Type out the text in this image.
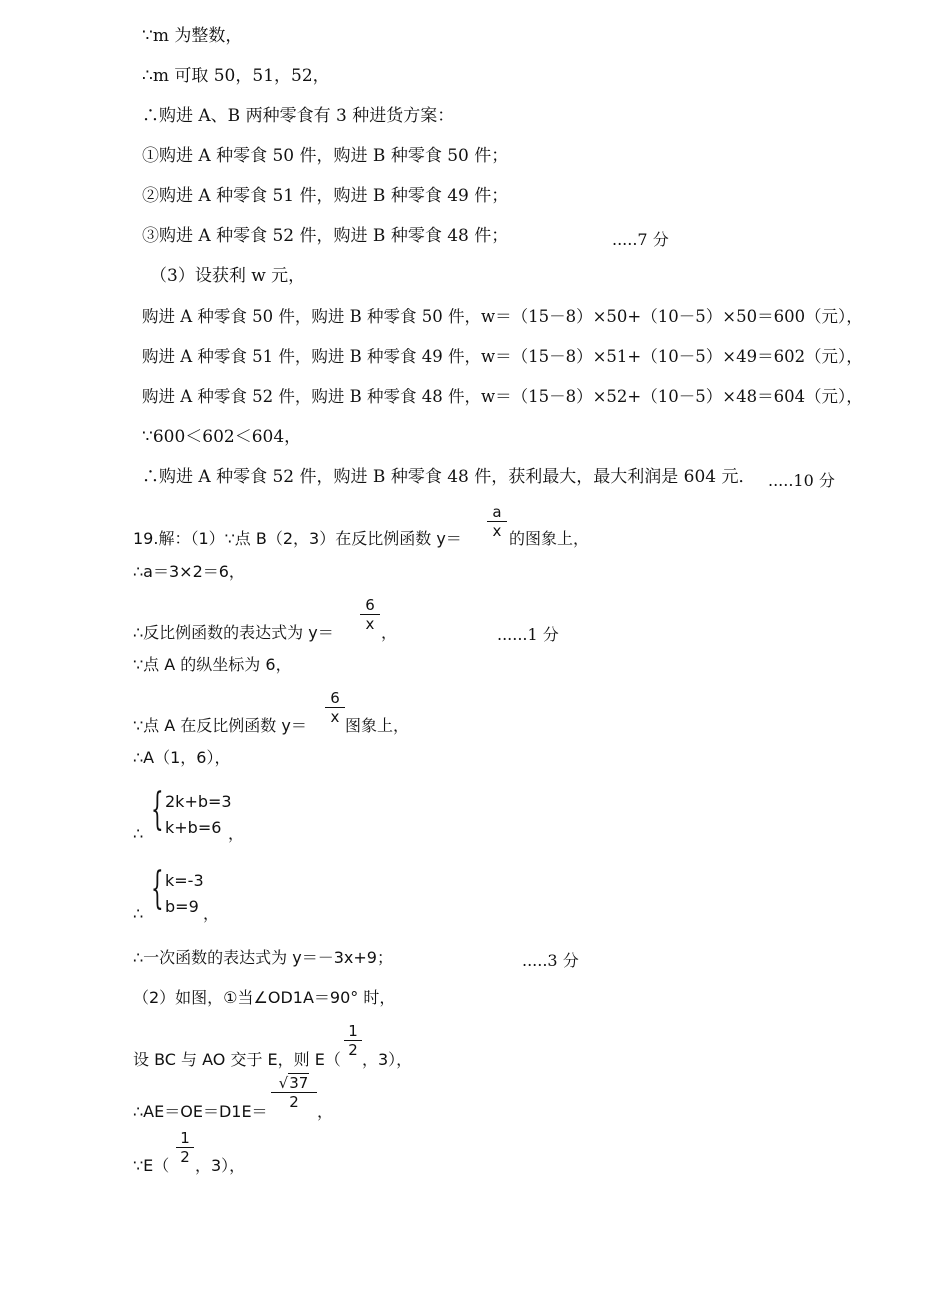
∵m 为整数，
∴m 可取 50，51，52，
∴购进 A、B 两种零食有 3 种进货方案：
①购进 A 种零食 50 件，购进 B 种零食 50 件；
②购进 A 种零食 51 件，购进 B 种零食 49 件；
③购进 A 种零食 52 件，购进 B 种零食 48 件；	.....7 分
（3）设获利 w 元，
购进 A 种零食 50 件，购进 B 种零食 50 件，w＝（15－8）×50+（10－5）×50＝600（元），
购进 A 种零食 51 件，购进 B 种零食 49 件，w＝（15－8）×51+（10－5）×49＝602（元），
购进 A 种零食 52 件，购进 B 种零食 48 件，w＝（15－8）×52+（10－5）×48＝604（元），
∵600＜602＜604，
∴购进 A 种零食 52 件，购进 B 种零食 48 件，获利最大，最大利润是 604 元． .....10 分
$\frac{a}{x}$
19.解：（1）∵点 B（2，3）在反比例函数 y＝	的图象上，
∴a＝3×2＝6，
$\frac{6}{x}$
∴反比例函数的表达式为 y＝	，	......1 分
∵点 A 的纵坐标为 6，
$\frac{6}{x}$
∵点 A 在反比例函数 y＝ 图象上，
∴A（1，6），
∴ { 2k+b=3
k+b=6 ，
∴ { k=-3
b=9 ，
∴一次函数的表达式为 y＝－3x+9；	.....3 分
（2）如图，①当∠OD1A＝90° 时，
$\frac{1}{2}$
设 BC 与 AO 交于 E，则 E（ ，3），
$\frac{√37}{2}$
∴AE＝OE＝D1E＝	，
$\frac{1}{2}$
∵E（ ，3），
